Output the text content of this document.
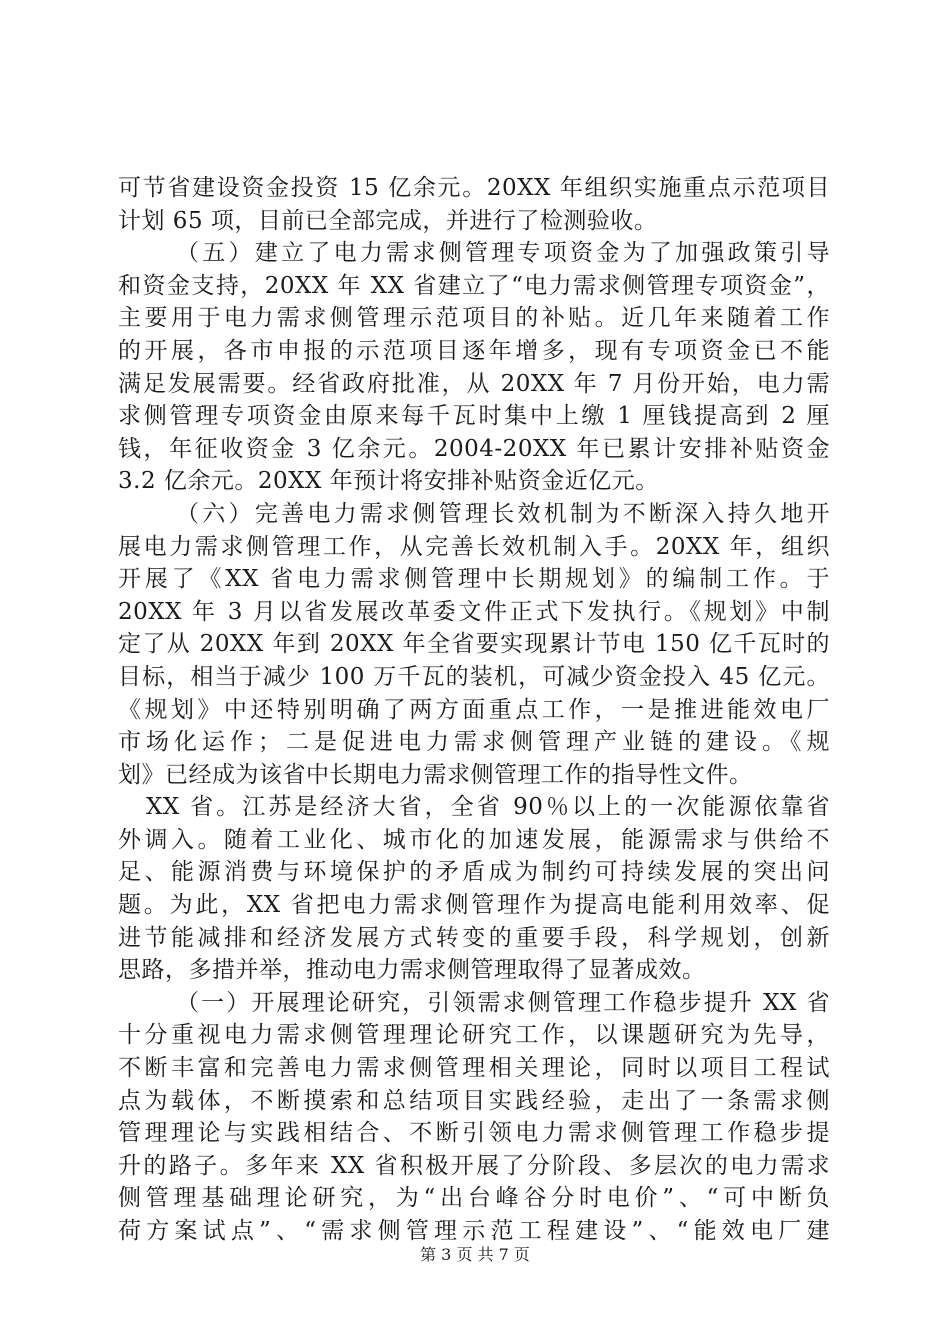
可节省建设资金投资 15 亿余元。20XX 年组织实施重点示范项目
计划 65 项，目前已全部完成，并进行了检测验收。
（五）建立了电力需求侧管理专项资金为了加强政策引导
和资金支持，20XX 年 XX 省建立了“电力需求侧管理专项资金”，
主要用于电力需求侧管理示范项目的补贴。近几年来随着工作
的开展，各市申报的示范项目逐年增多，现有专项资金已不能
满足发展需要。经省政府批准，从 20XX 年 7 月份开始，电力需
求侧管理专项资金由原来每千瓦时集中上缴 1 厘钱提高到 2 厘
钱，年征收资金 3 亿余元。2004-20XX 年已累计安排补贴资金
3.2 亿余元。20XX 年预计将安排补贴资金近亿元。
（六）完善电力需求侧管理长效机制为不断深入持久地开
展电力需求侧管理工作，从完善长效机制入手。20XX 年，组织
开展了《XX 省电力需求侧管理中长期规划》的编制工作。于
20XX 年 3 月以省发展改革委文件正式下发执行。《规划》中制
定了从 20XX 年到 20XX 年全省要实现累计节电 150 亿千瓦时的
目标，相当于减少 100 万千瓦的装机，可减少资金投入 45 亿元。
《规划》中还特别明确了两方面重点工作，一是推进能效电厂
市场化运作；二是促进电力需求侧管理产业链的建设。《规
划》已经成为该省中长期电力需求侧管理工作的指导性文件。
XX 省。江苏是经济大省，全省 90％以上的一次能源依靠省
外调入。随着工业化、城市化的加速发展，能源需求与供给不
足、能源消费与环境保护的矛盾成为制约可持续发展的突出问
题。为此，XX 省把电力需求侧管理作为提高电能利用效率、促
进节能减排和经济发展方式转变的重要手段，科学规划，创新
思路，多措并举，推动电力需求侧管理取得了显著成效。
（一）开展理论研究，引领需求侧管理工作稳步提升 XX 省
十分重视电力需求侧管理理论研究工作，以课题研究为先导，
不断丰富和完善电力需求侧管理相关理论，同时以项目工程试
点为载体，不断摸索和总结项目实践经验，走出了一条需求侧
管理理论与实践相结合、不断引领电力需求侧管理工作稳步提
升的路子。多年来 XX 省积极开展了分阶段、多层次的电力需求
侧管理基础理论研究，为“出台峰谷分时电价”、“可中断负
荷方案试点”、“需求侧管理示范工程建设”、“能效电厂建
第 3 页 共 7 页
